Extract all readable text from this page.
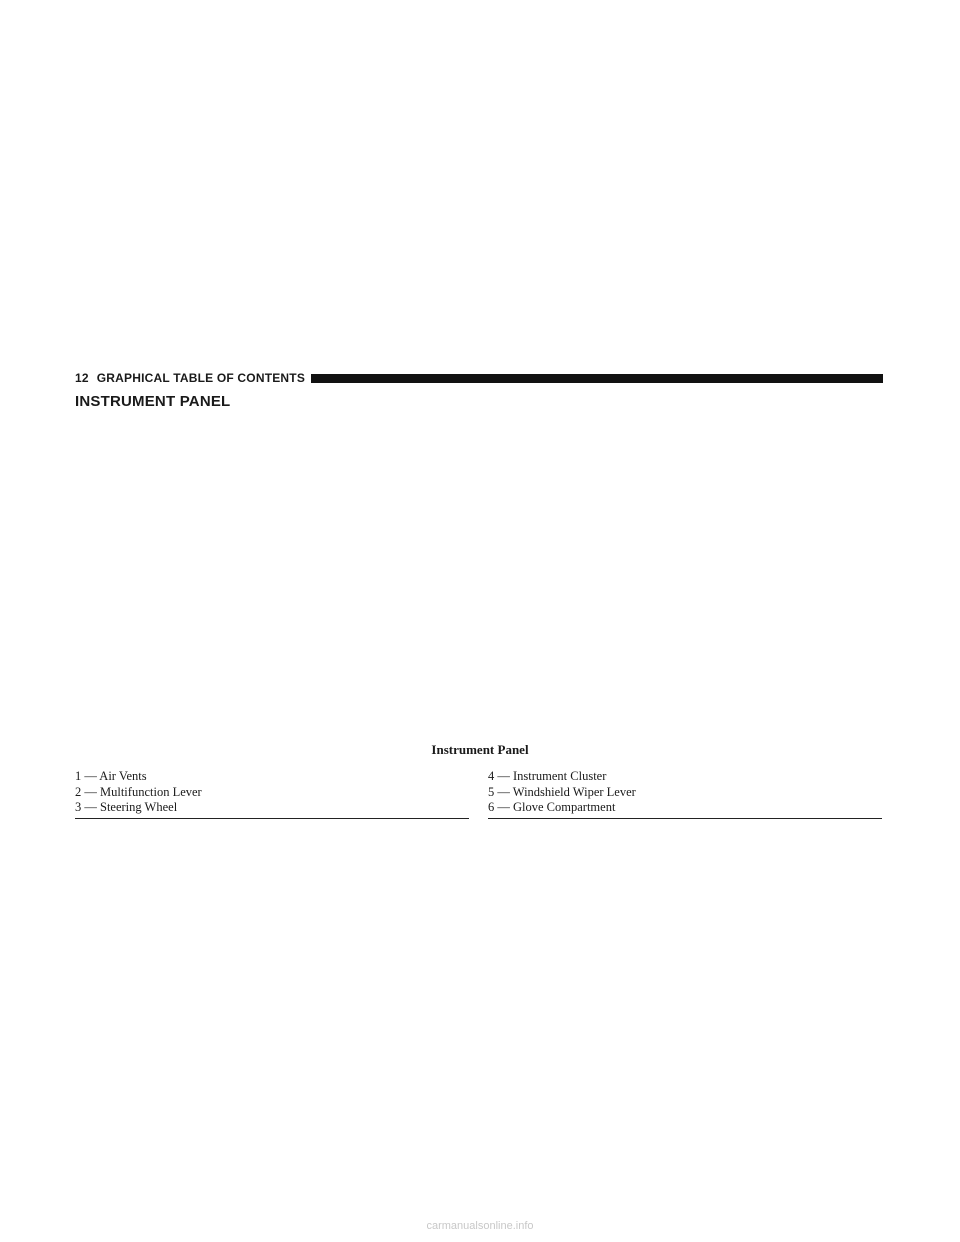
12 GRAPHICAL TABLE OF CONTENTS
INSTRUMENT PANEL
Instrument Panel
1 — Air Vents
2 — Multifunction Lever
3 — Steering Wheel
4 — Instrument Cluster
5 — Windshield Wiper Lever
6 — Glove Compartment
carmanualsonline.info
